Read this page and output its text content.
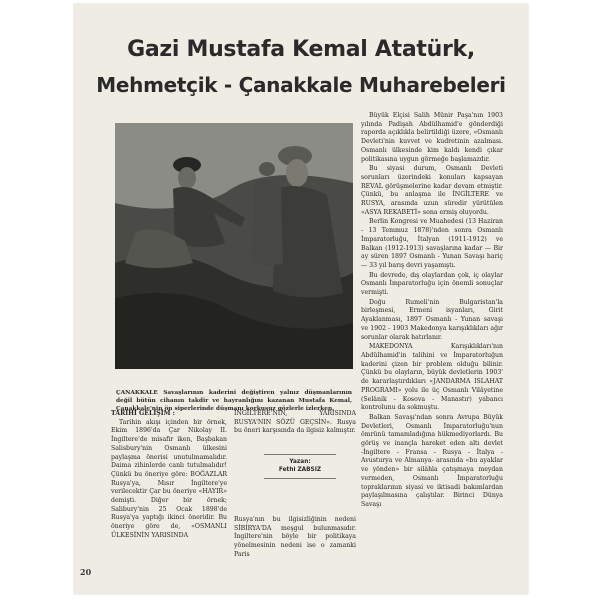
Gazi Mustafa Kemal Atatürk,
Mehmetçik - Çanakkale Muharebeleri
ÇANAKKALE Savaşlarının kaderini değiştiren yalnız düşmanlarının değil bütün cihanın takdir ve hayranlığını kazanan Mustafa Kemal, Çanakkale'nin ön siperlerinde düşmanı korkusuz gözlerle izlerken.

Büyük Elçisi Salih Münir Paşa'nın 1903 yılında Padişah Abdülhamid'e gönderdiği raporda açıklıkla belirtildiği üzere, «Osmanlı Devleti'nin kuvvet ve kudretinin azalması. Osmanlı ülkesinde kim kaldı kendi çıkar politikasına uygun görmeğe başlamazdır.

Bu siyasi durum, Osmanlı Devleti sorunları üzerindeki konuları kapsayan REVAL görüşmelerine kadar devam etmiştir. Çünkü, bu anlaşma ile İNGİLTERE ve RUSYA, arasında uzun süredir yürütülen «ASYA REKABETİ» sona ermiş oluyordu.

Berlin Kongresi ve Muahedesi (13 Haziran - 13 Temmuz 1878)'nden sonra Osmanlı İmparatorluğu, İtalyan (1911-1912) ve Balkan (1912-1913) savaşlarına kadar — Bir ay süren 1897 Osmanlı - Yunan Savaşı hariç— 33 yıl barış devri yaşamıştı.

Bu devrede, dış olaylardan çok, iç olaylar Osmanlı İmparatorluğu için önemli sonuçlar vermişti.

Doğu Rumeli'nin Bulgaristan'la birleşmesi, Ermeni isyanları, Girit Ayaklanması, 1897 Osmanlı - Yunan savaşı ve 1902 - 1903 Makedonya karışıklıkları ağır sorunlar olarak hatırlanır.

MAKEDONYA Karışıklıkları'nın Abdülhamid'in talihini ve İmparatorluğun kaderini çizen bir problem olduğu bilinir. Çünkü bu olayların, büyük devletlerin 1903' de kararlaştırdıkları «JANDARMA ISLAHAT PROGRAMI» yolu ile üç Osmanlı Vilâyetine (Selânik - Kosova - Manastır) yabancı kontrolunu da sokmuştu.

Balkan Savaşı'ndan sonra Avrupa Büyük Devletleri, Osmanlı İmparatorluğu'nun ömrünü tamamladığına hükmediyorlardı. Bu görüş ve inançla hareket eden altı devlet -İngiltere - Fransa - Rusya - İtalya - Avusturya ve Almanya- arasında «bu ayaklar ve yönden» bir silâhla çatışmaya meydan vermeden, Osmanlı İmparatorluğu topraklarının siyasi ve iktisadi bakımlardan paylaşılmasına çalıştılar. Birinci Dünya Savaşı

TARİHİ GELİŞİM :

Tarihin akışı içinden bir örnek, Ekim 1896'da Çar Nikolay II. İngiltere'de misafir iken, Başbakan Salisbury'nin Osmanlı ülkesini paylaşma önerisi unutulmamalıdır. Daima zihinlerde canlı tutulmalıdır! Çünkü bu öneriye göre: BOĞAZLAR Rusya'ya, Mısır İngiltere'ye verilecektir Çar bu öneriye «HAYIR» demişti. Diğer bir örnek; Salibury'nin 25 Ocak 1898'de Rusya'ya yaptığı ikinci öneridir. Bu öneriye göre de, «OSMANLI ÜLKESİNİN YARISINDA

İNGİLTERE'NİN, YARISINDA RUSYA'NIN SÖZÜ GEÇSİN». Rusya bu öneri karşısında da ilgisiz kalmıştır.

Yazan:
Fethi ZABSIZ

Rusya'nın bu ilgisizliğinin nedeni SİBİRYA'DA meşgul bulunmasıdır. İngiltere'nin böyle bir politikaya yönelmesinin nedeni ise o zamanki Paris

20
